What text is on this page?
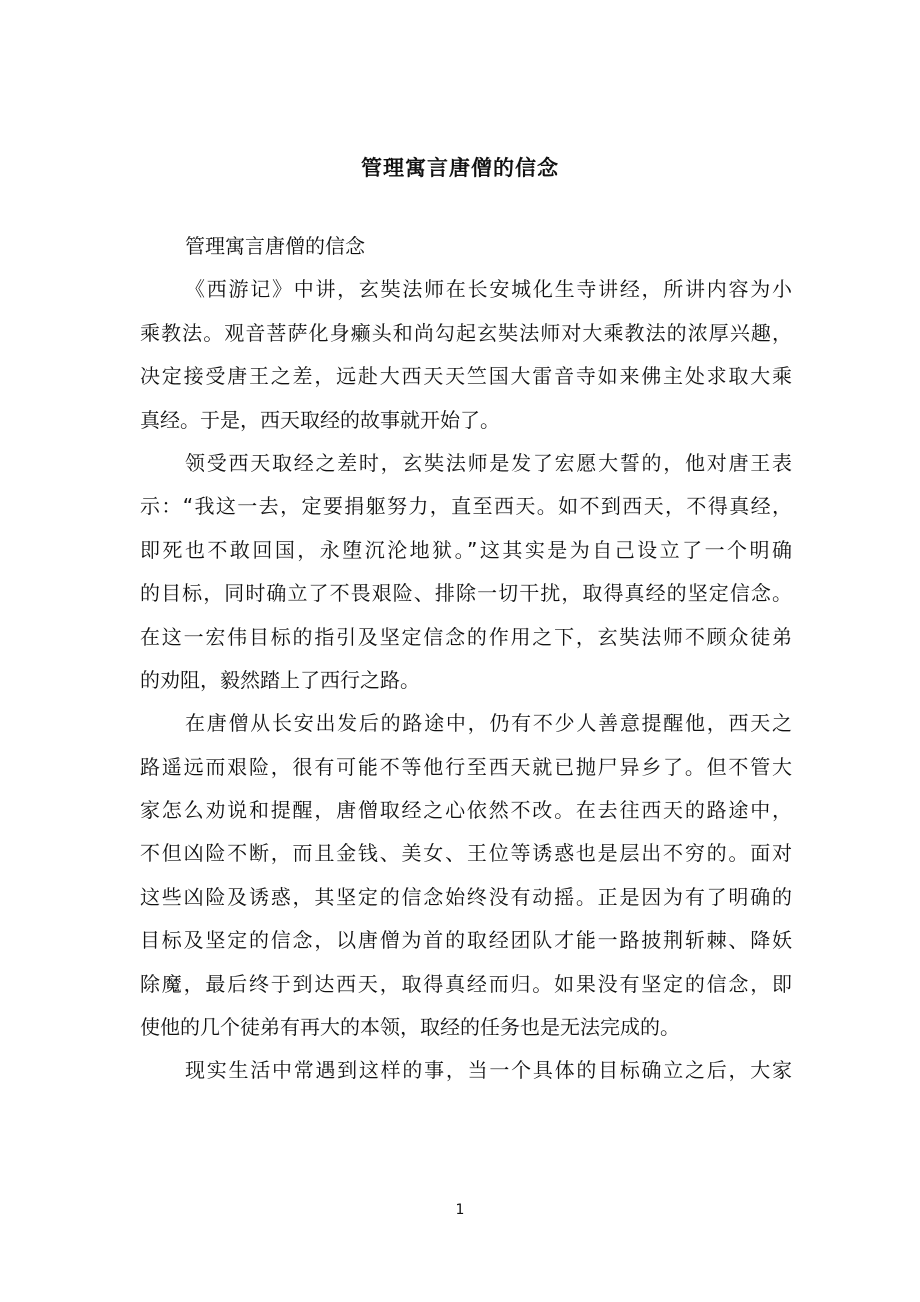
管理寓言唐僧的信念
管理寓言唐僧的信念
《西游记》中讲，玄奘法师在长安城化生寺讲经，所讲内容为小
乘教法。观音菩萨化身癞头和尚勾起玄奘法师对大乘教法的浓厚兴趣，
决定接受唐王之差，远赴大西天天竺国大雷音寺如来佛主处求取大乘
真经。于是，西天取经的故事就开始了。
领受西天取经之差时，玄奘法师是发了宏愿大誓的，他对唐王表
示：“我这一去，定要捐躯努力，直至西天。如不到西天，不得真经，
即死也不敢回国，永堕沉沦地狱。”这其实是为自己设立了一个明确
的目标，同时确立了不畏艰险、排除一切干扰，取得真经的坚定信念。
在这一宏伟目标的指引及坚定信念的作用之下，玄奘法师不顾众徒弟
的劝阻，毅然踏上了西行之路。
在唐僧从长安出发后的路途中，仍有不少人善意提醒他，西天之
路遥远而艰险，很有可能不等他行至西天就已抛尸异乡了。但不管大
家怎么劝说和提醒，唐僧取经之心依然不改。在去往西天的路途中，
不但凶险不断，而且金钱、美女、王位等诱惑也是层出不穷的。面对
这些凶险及诱惑，其坚定的信念始终没有动摇。正是因为有了明确的
目标及坚定的信念，以唐僧为首的取经团队才能一路披荆斩棘、降妖
除魔，最后终于到达西天，取得真经而归。如果没有坚定的信念，即
使他的几个徒弟有再大的本领，取经的任务也是无法完成的。
现实生活中常遇到这样的事，当一个具体的目标确立之后，大家
1
